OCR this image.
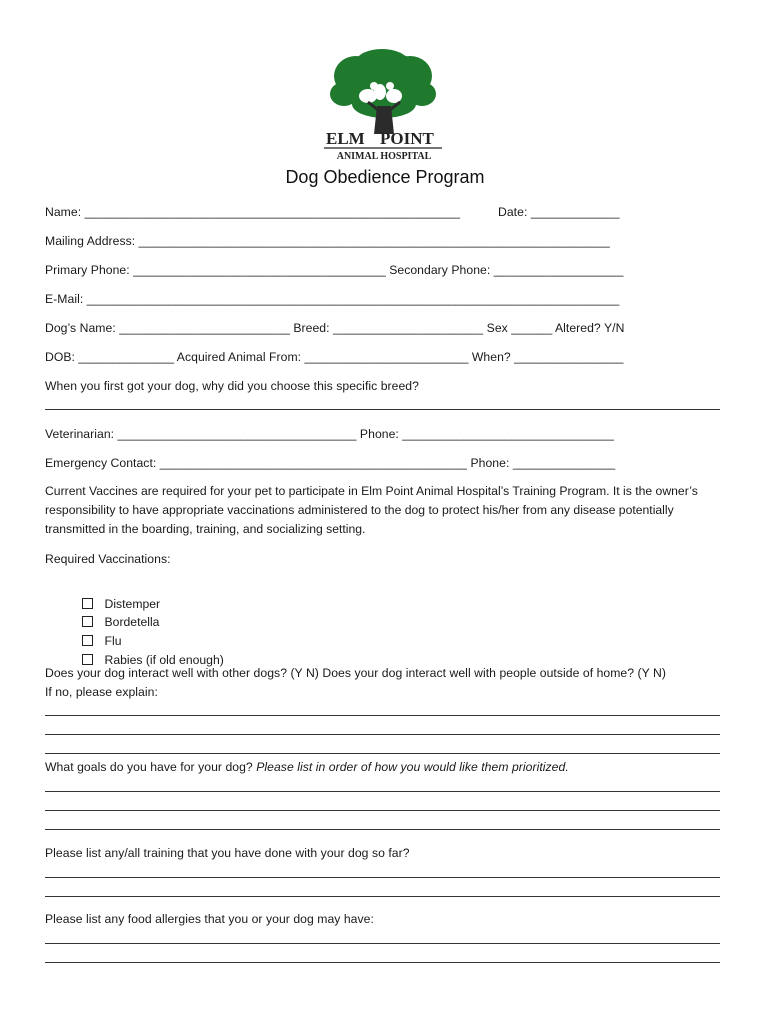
ELM POINT
ANIMAL HOSPITAL
Dog Obedience Program
Name: _______________________________________________________	Date: _____________
Mailing Address: _____________________________________________________________________
Primary Phone: _____________________________________ Secondary Phone: ___________________
E-Mail: ______________________________________________________________________________
Dog’s Name: _________________________ Breed: ______________________ Sex ______ Altered? Y/N
DOB: ______________ Acquired Animal From: ________________________ When? ________________
When you first got your dog, why did you choose this specific breed?
Veterinarian: ___________________________________ Phone: _______________________________
Emergency Contact: _____________________________________________ Phone: _______________
Current Vaccines are required for your pet to participate in Elm Point Animal Hospital’s Training Program. It is the owner’s responsibility to have appropriate vaccinations administered to the dog to protect his/her from any disease potentially transmitted in the boarding, training, and socializing setting.
Required Vaccinations:

Distemper

Bordetella

Flu

Rabies (if old enough)

Does your dog interact well with other dogs? (Y N) Does your dog interact well with people outside of home? (Y N)
If no, please explain:
What goals do you have for your dog? Please list in order of how you would like them prioritized.
Please list any/all training that you have done with your dog so far?
Please list any food allergies that you or your dog may have:
